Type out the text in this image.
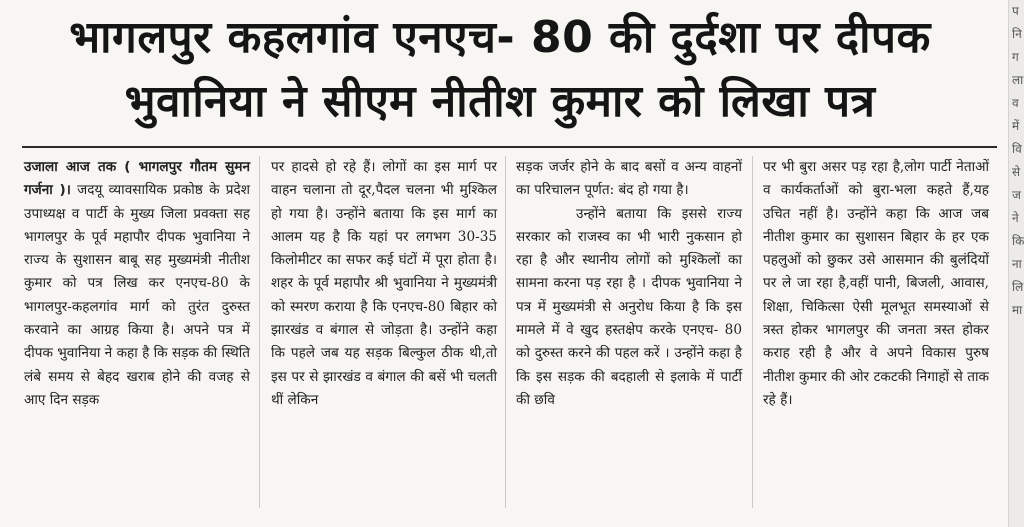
भागलपुर कहलगांव एनएच- 80 की दुर्दशा पर दीपक
भुवानिया ने सीएम नीतीश कुमार को लिखा पत्र

उजाला आज तक ( भागलपुर गौतम सुमन गर्जना )। जदयू व्यावसायिक प्रकोष्ठ के प्रदेश उपाध्यक्ष व पार्टी के मुख्य जिला प्रवक्ता सह भागलपुर के पूर्व महापौर दीपक भुवानिया ने राज्य के सुशासन बाबू सह मुख्यमंत्री नीतीश कुमार को पत्र लिख कर एनएच-80 के भागलपुर-कहलगांव मार्ग को तुरंत दुरुस्त करवाने का आग्रह किया है। अपने पत्र में दीपक भुवानिया ने कहा है कि सड़क की स्थिति लंबे समय से बेहद खराब होने की वजह से आए दिन सड़क

पर हादसे हो रहे हैं। लोगों का इस मार्ग पर वाहन चलाना तो दूर,पैदल चलना भी मुश्किल हो गया है। उन्होंने बताया कि इस मार्ग का आलम यह है कि यहां पर लगभग 30-35 किलोमीटर का सफर कई घंटों में पूरा होता है। शहर के पूर्व महापौर श्री भुवानिया ने मुख्यमंत्री को स्मरण कराया है कि एनएच-80 बिहार को झारखंड व बंगाल से जोड़ता है। उन्होंने कहा कि पहले जब यह सड़क बिल्कुल ठीक थी,तो इस पर से झारखंड व बंगाल की बसें भी चलती थीं लेकिन

सड़क जर्जर होने के बाद बसों व अन्य वाहनों का परिचालन पूर्णत: बंद हो गया है।

उन्होंने बताया कि इससे राज्य सरकार को राजस्व का भी भारी नुकसान हो रहा है और स्थानीय लोगों को मुश्किलों का सामना करना पड़ रहा है । दीपक भुवानिया ने पत्र में मुख्यमंत्री से अनुरोध किया है कि इस मामले में वे खुद हस्तक्षेप करके एनएच- 80 को दुरुस्त करने की पहल करें । उन्होंने कहा है कि इस सड़क की बदहाली से इलाके में पार्टी की छवि

पर भी बुरा असर पड़ रहा है,लोग पार्टी नेताओं व कार्यकर्ताओं को बुरा-भला कहते हैं,यह उचित नहीं है। उन्होंने कहा कि आज जब नीतीश कुमार का सुशासन बिहार के हर एक पहलुओं को छुकर उसे आसमान की बुलंदियों पर ले जा रहा है,वहीं पानी, बिजली, आवास, शिक्षा, चिकित्सा ऐसी मूलभूत समस्याओं से त्रस्त होकर भागलपुर की जनता त्रस्त होकर कराह रही है और वे अपने विकास पुरुष नीतीश कुमार की ओर टकटकी निगाहों से ताक रहे हैं।

प
नि
ग
ला
व
में
वि
से
ज
ने
कि
ना
लि
मा
